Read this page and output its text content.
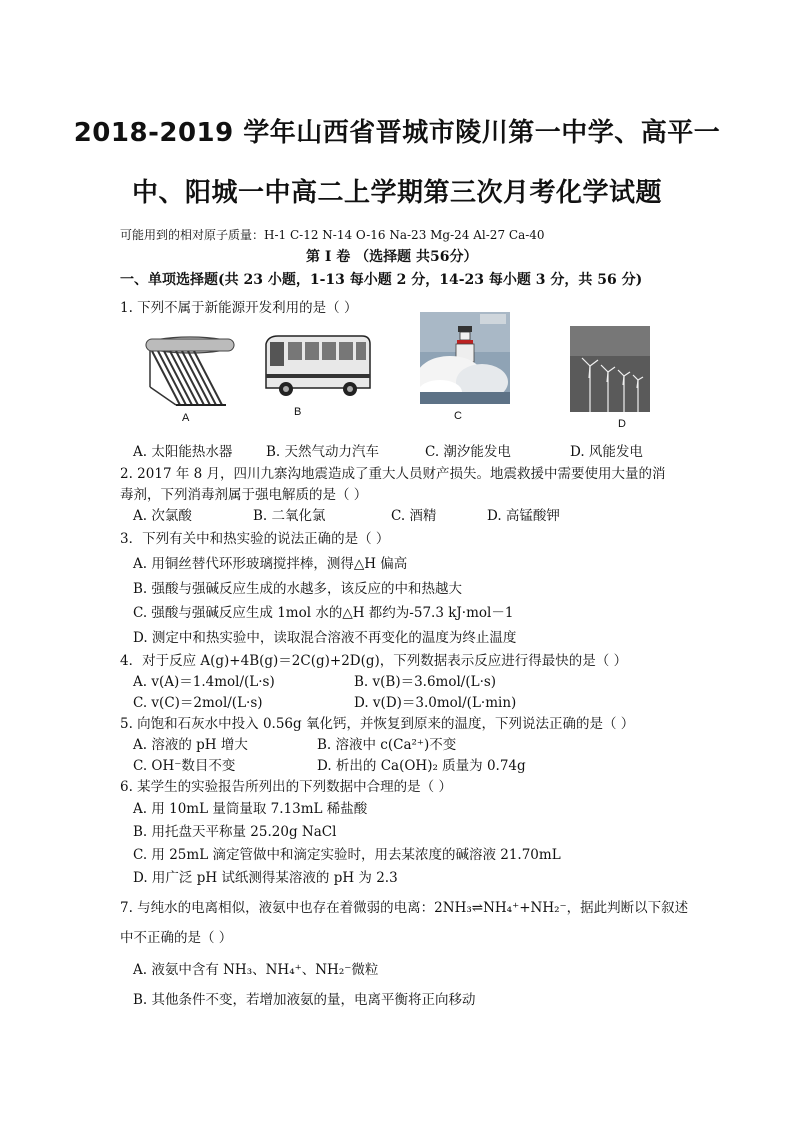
2018-2019 学年山西省晋城市陵川第一中学、高平一
中、阳城一中高二上学期第三次月考化学试题
可能用到的相对原子质量：H-1 C-12 N-14 O-16 Na-23 Mg-24 Al-27 Ca-40
第 I 卷 （选择题 共56分）
一、单项选择题(共 23 小题，1-13 每小题 2 分，14-23 每小题 3 分，共 56 分)
1. 下列不属于新能源开发利用的是（ ）
A	B	C
D
A. 太阳能热水器 B. 天然气动力汽车	C. 潮汐能发电	D. 风能发电
2. 2017 年 8 月，四川九寨沟地震造成了重大人员财产损失。地震救援中需要使用大量的消
毒剂，下列消毒剂属于强电解质的是（ ）
A. 次氯酸	B. 二氧化氯	C. 酒精	D. 高锰酸钾
3．下列有关中和热实验的说法正确的是（ ）
A. 用铜丝替代环形玻璃搅拌棒，测得△H 偏高
B. 强酸与强碱反应生成的水越多，该反应的中和热越大
C. 强酸与强碱反应生成 1mol 水的△H 都约为-57.3 kJ·mol－1
D. 测定中和热实验中，读取混合溶液不再变化的温度为终止温度
4．对于反应 A(g)+4B(g)＝2C(g)+2D(g)，下列数据表示反应进行得最快的是（ ）
A. v(A)＝1.4mol/(L·s)	B. v(B)＝3.6mol/(L·s)
C. v(C)＝2mol/(L·s)	D. v(D)＝3.0mol/(L·min)
5. 向饱和石灰水中投入 0.56g 氧化钙，并恢复到原来的温度，下列说法正确的是（ ）
A. 溶液的 pH 增大	B. 溶液中 c(Ca²⁺)不变
C. OH⁻数目不变	D. 析出的 Ca(OH)₂ 质量为 0.74g
6. 某学生的实验报告所列出的下列数据中合理的是（ ）
A. 用 10mL 量筒量取 7.13mL 稀盐酸
B. 用托盘天平称量 25.20g NaCl
C. 用 25mL 滴定管做中和滴定实验时，用去某浓度的碱溶液 21.70mL
D. 用广泛 pH 试纸测得某溶液的 pH 为 2.3
7. 与纯水的电离相似，液氨中也存在着微弱的电离：2NH₃⇌NH₄⁺+NH₂⁻，据此判断以下叙述
中不正确的是（ ）
A. 液氨中含有 NH₃、NH₄⁺、NH₂⁻微粒
B. 其他条件不变，若增加液氨的量，电离平衡将正向移动
